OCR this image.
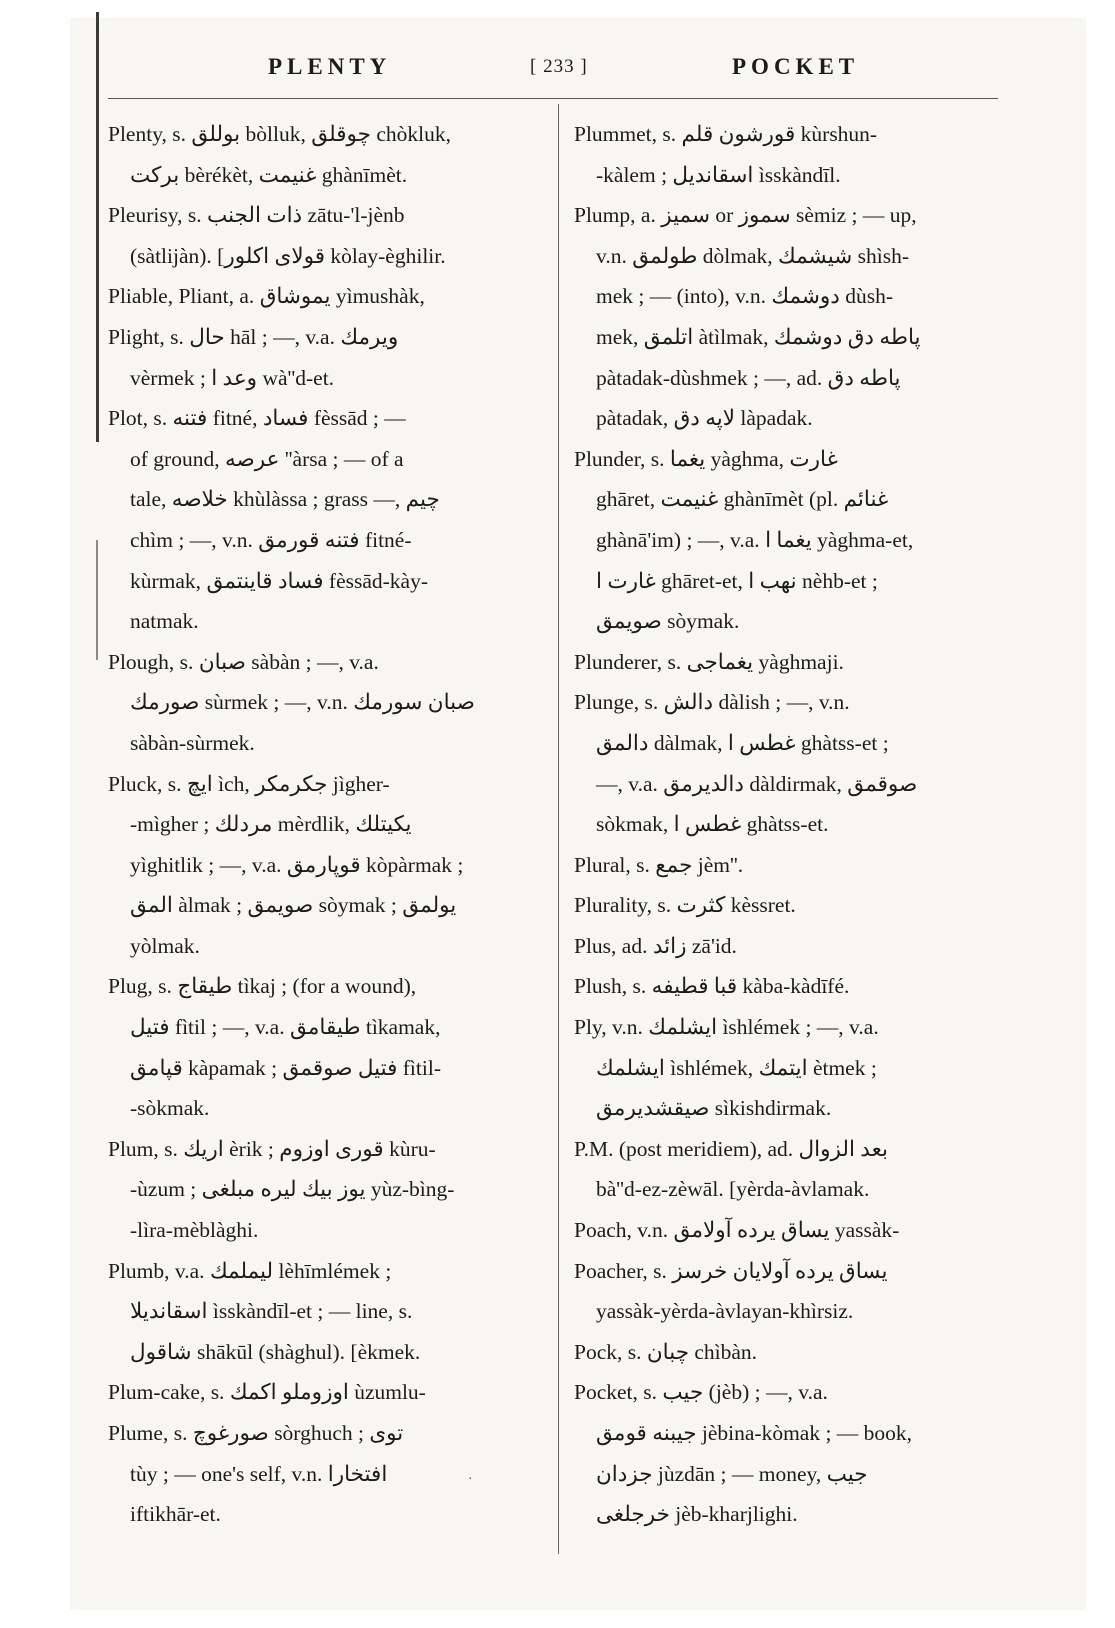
PLENTY	[ 233 ]	POCKET
Plenty, s. بوللق bòlluk, چوقلق chòkluk,
بركت bèrékèt, غنيمت ghànīmèt.
Pleurisy, s. ذات الجنب zātu-'l-jènb
(sàtlijàn). [قولاى اكلور kòlay-èghilir.
Pliable, Pliant, a. يموشاق yìmushàk,
Plight, s. حال hāl ; —, v.a. ويرمك
vèrmek ; وعد ا wà''d-et.
Plot, s. فتنه fitné, فساد fèssād ; —
of ground, عرصه ''àrsa ; — of a
tale, خلاصه khùlàssa ; grass —, چيم
chìm ; —, v.n. فتنه قورمق fitné-
kùrmak, فساد قاينتمق fèssād-kày-
natmak.
Plough, s. صبان sàbàn ; —, v.a.
صورمك sùrmek ; —, v.n. صبان سورمك
sàbàn-sùrmek.
Pluck, s. ايچ ìch, جكرمكر jìgher-
-mìgher ; مردلك mèrdlik, يكيتلك
yìghitlik ; —, v.a. قوپارمق kòpàrmak ;
المق àlmak ; صويمق sòymak ; يولمق
yòlmak.
Plug, s. طيقاج tìkaj ; (for a wound),
فتيل fìtil ; —, v.a. طيقامق tìkamak,
قپامق kàpamak ; فتيل صوقمق fìtil-
-sòkmak.
Plum, s. اريك èrik ; قورى اوزوم kùru-
-ùzum ; يوز بيك ليره مبلغى yùz-bìng-
-lìra-mèblàghi.
Plumb, v.a. ليملمك lèhīmlémek ;
اسقانديلا ìsskàndīl-et ; — line, s.
شاقول shākūl (shàghul). [èkmek.
Plum-cake, s. اوزوملو اكمك ùzumlu-
Plume, s. صورغوچ sòrghuch ; توى
tùy ; — one's self, v.n. افتخارا
iftikhār-et.
Plummet, s. قورشون قلم kùrshun-
-kàlem ; اسقانديل ìsskàndīl.
Plump, a. سميز or سموز sèmiz ; — up,
v.n. طولمق dòlmak, شيشمك shìsh-
mek ; — (into), v.n. دوشمك dùsh-
mek, اتلمق àtìlmak, پاطه دق دوشمك
pàtadak-dùshmek ; —, ad. پاطه دق
pàtadak, لاپه دق làpadak.
Plunder, s. يغما yàghma, غارت
ghāret, غنيمت ghànīmèt (pl. غنائم
ghànā'im) ; —, v.a. يغما ا yàghma-et,
غارت ا ghāret-et, نهب ا nèhb-et ;
صويمق sòymak.
Plunderer, s. يغماجى yàghmaji.
Plunge, s. دالش dàlish ; —, v.n.
دالمق dàlmak, غطس ا ghàtss-et ;
—, v.a. دالديرمق dàldirmak, صوقمق
sòkmak, غطس ا ghàtss-et.
Plural, s. جمع jèm''.
Plurality, s. كثرت kèssret.
Plus, ad. زائد zā'id.
Plush, s. قبا قطيفه kàba-kàdīfé.
Ply, v.n. ايشلمك ìshlémek ; —, v.a.
ايشلمك ìshlémek, ايتمك ètmek ;
صيقشديرمق sìkishdirmak.
P.M. (post meridiem), ad. بعد الزوال
bà''d-ez-zèwāl. [yèrda-àvlamak.
Poach, v.n. يساق يرده آولامق yassàk-
Poacher, s. يساق يرده آولايان خرسز
yassàk-yèrda-àvlayan-khìrsiz.
Pock, s. چبان chìbàn.
Pocket, s. جيب (jèb) ; —, v.a.
جيبنه قومق jèbina-kòmak ; — book,
جزدان jùzdān ; — money, جيب
خرجلغى jèb-kharjlighi.
·
